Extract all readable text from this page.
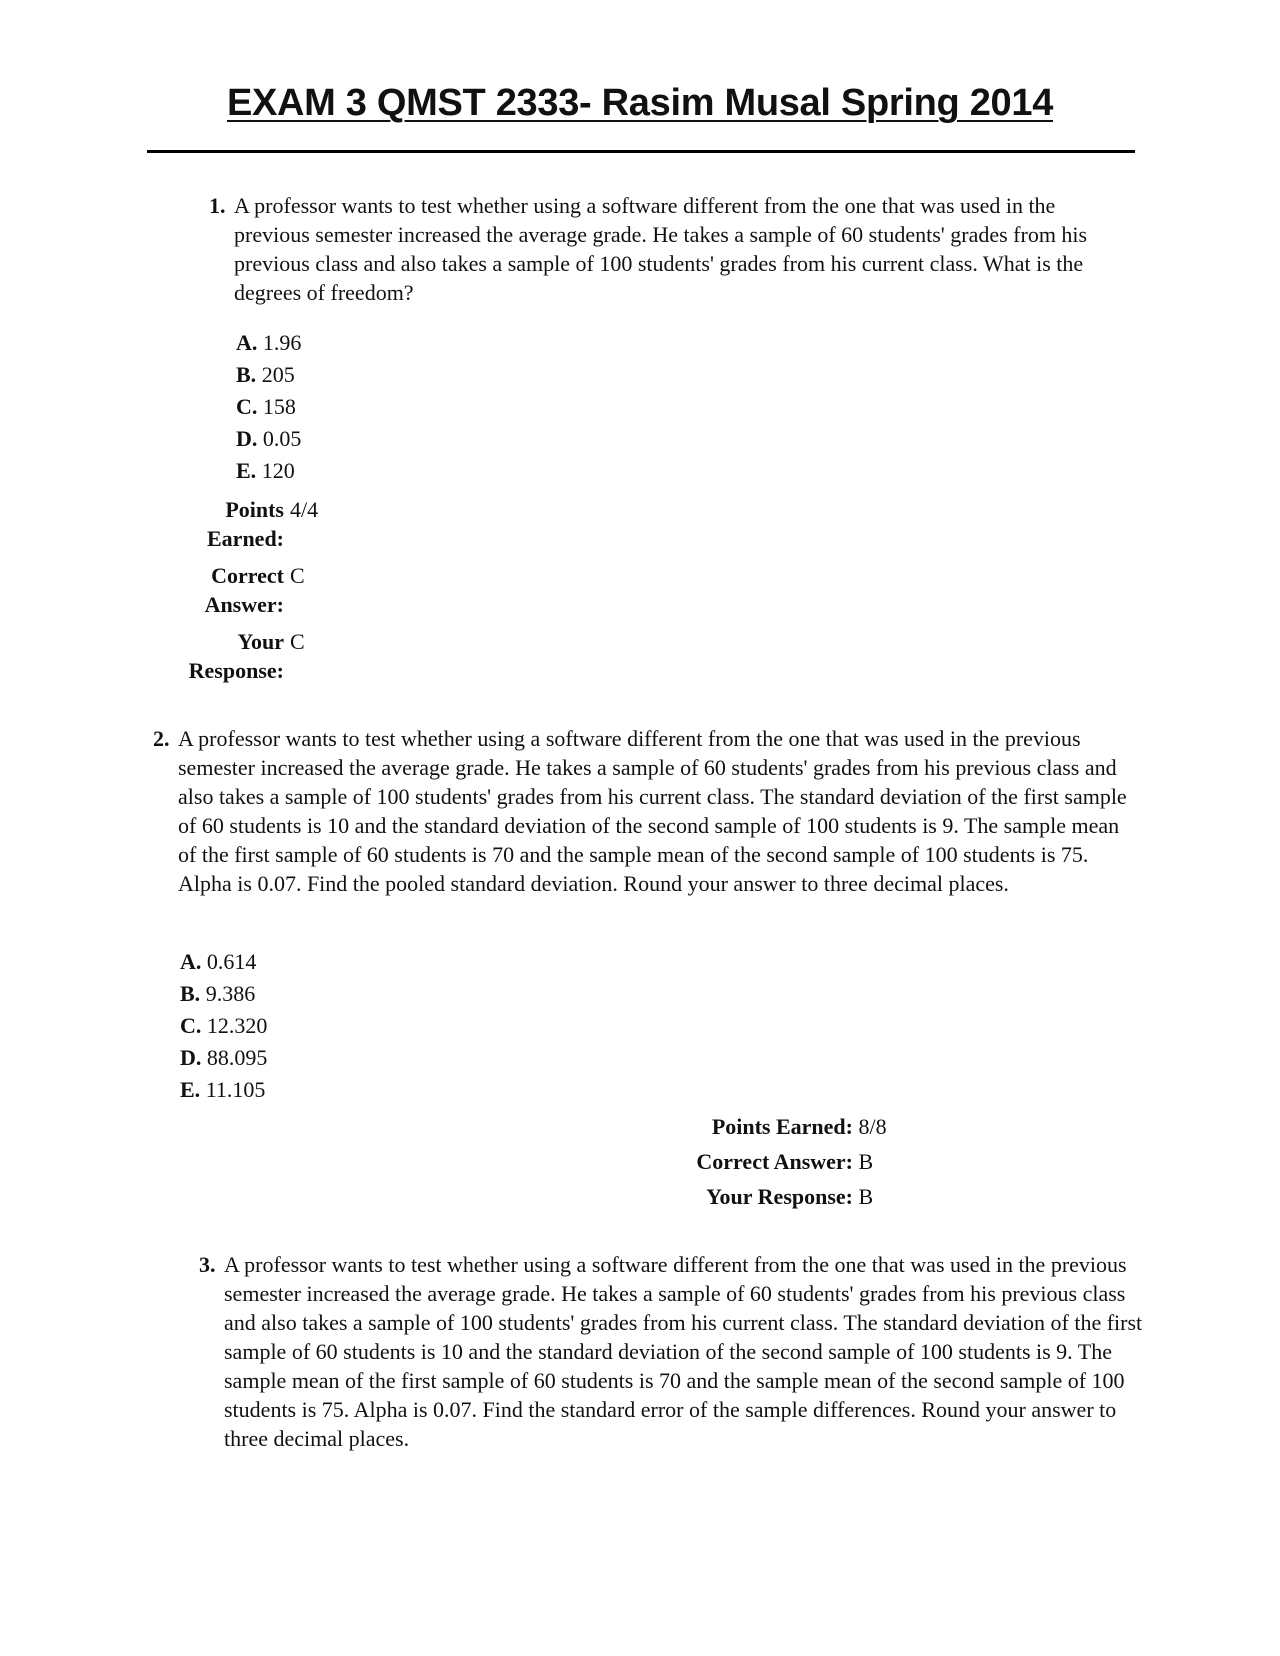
EXAM 3 QMST 2333- Rasim Musal Spring 2014
1. A professor wants to test whether using a software different from the one that was used in the previous semester increased the average grade. He takes a sample of 60 students' grades from his previous class and also takes a sample of 100 students' grades from his current class. What is the degrees of freedom?
A. 1.96
B. 205
C. 158
D. 0.05
E. 120
Points 4/4
Earned:
Correct C
Answer:
Your C
Response:
2. A professor wants to test whether using a software different from the one that was used in the previous semester increased the average grade. He takes a sample of 60 students' grades from his previous class and also takes a sample of 100 students' grades from his current class. The standard deviation of the first sample of 60 students is 10 and the standard deviation of the second sample of 100 students is 9. The sample mean of the first sample of 60 students is 70 and the sample mean of the second sample of 100 students is 75. Alpha is 0.07. Find the pooled standard deviation. Round your answer to three decimal places.
A. 0.614
B. 9.386
C. 12.320
D. 88.095
E. 11.105
Points Earned: 8/8
Correct Answer: B
Your Response: B
3. A professor wants to test whether using a software different from the one that was used in the previous semester increased the average grade. He takes a sample of 60 students' grades from his previous class and also takes a sample of 100 students' grades from his current class. The standard deviation of the first sample of 60 students is 10 and the standard deviation of the second sample of 100 students is 9. The sample mean of the first sample of 60 students is 70 and the sample mean of the second sample of 100 students is 75. Alpha is 0.07. Find the standard error of the sample differences. Round your answer to three decimal places.
